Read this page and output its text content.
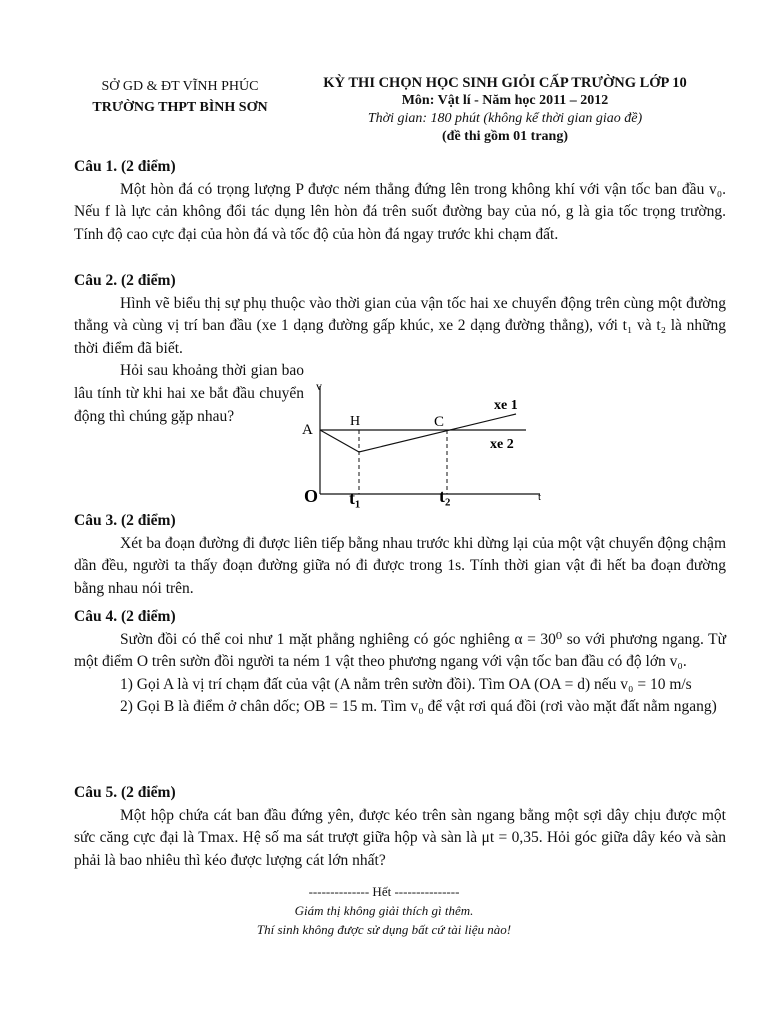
SỞ GD & ĐT VĨNH PHÚC
TRƯỜNG THPT BÌNH SƠN
KỲ THI CHỌN HỌC SINH GIỎI CẤP TRƯỜNG LỚP 10
Môn: Vật lí - Năm học 2011 – 2012
Thời gian: 180 phút (không kể thời gian giao đề)
(đề thi gồm 01 trang)
Câu 1. (2 điểm)
Một hòn đá có trọng lượng P được ném thẳng đứng lên trong không khí với vận tốc ban đầu v₀. Nếu f là lực cản không đổi tác dụng lên hòn đá trên suốt đường bay của nó, g là gia tốc trọng trường. Tính độ cao cực đại của hòn đá và tốc độ của hòn đá ngay trước khi chạm đất.
Câu 2. (2 điểm)
Hình vẽ biểu thị sự phụ thuộc vào thời gian của vận tốc hai xe chuyển động trên cùng một đường thẳng và cùng vị trí ban đầu (xe 1 dạng đường gấp khúc, xe 2 dạng đường thẳng), với t₁ và t₂ là những thời điểm đã biết.
Hỏi sau khoảng thời gian bao lâu tính từ khi hai xe bắt đầu chuyển động thì chúng gặp nhau?
v
A
H	C
xe 1
xe 2
O t₁	t₂	t
Câu 3. (2 điểm)
Xét ba đoạn đường đi được liên tiếp bằng nhau trước khi dừng lại của một vật chuyển động chậm dần đều, người ta thấy đoạn đường giữa nó đi được trong 1s. Tính thời gian vật đi hết ba đoạn đường bằng nhau nói trên.
Câu 4. (2 điểm)
Sườn đồi có thể coi như 1 mặt phẳng nghiêng có góc nghiêng α = 30⁰ so với phương ngang. Từ một điểm O trên sườn đồi người ta ném 1 vật theo phương ngang với vận tốc ban đầu có độ lớn v₀.
1) Gọi A là vị trí chạm đất của vật (A nằm trên sườn đồi). Tìm OA (OA = d) nếu v₀ = 10 m/s
2) Gọi B là điểm ở chân dốc; OB = 15 m. Tìm v₀ để vật rơi quá đồi (rơi vào mặt đất nằm ngang)
Câu 5. (2 điểm)
Một hộp chứa cát ban đầu đứng yên, được kéo trên sàn ngang bằng một sợi dây chịu được một sức căng cực đại là Tmax. Hệ số ma sát trượt giữa hộp và sàn là μt = 0,35. Hỏi góc giữa dây kéo và sàn phải là bao nhiêu thì kéo được lượng cát lớn nhất?
-------------- Hết ---------------
Giám thị không giải thích gì thêm.
Thí sinh không được sử dụng bất cứ tài liệu nào!
